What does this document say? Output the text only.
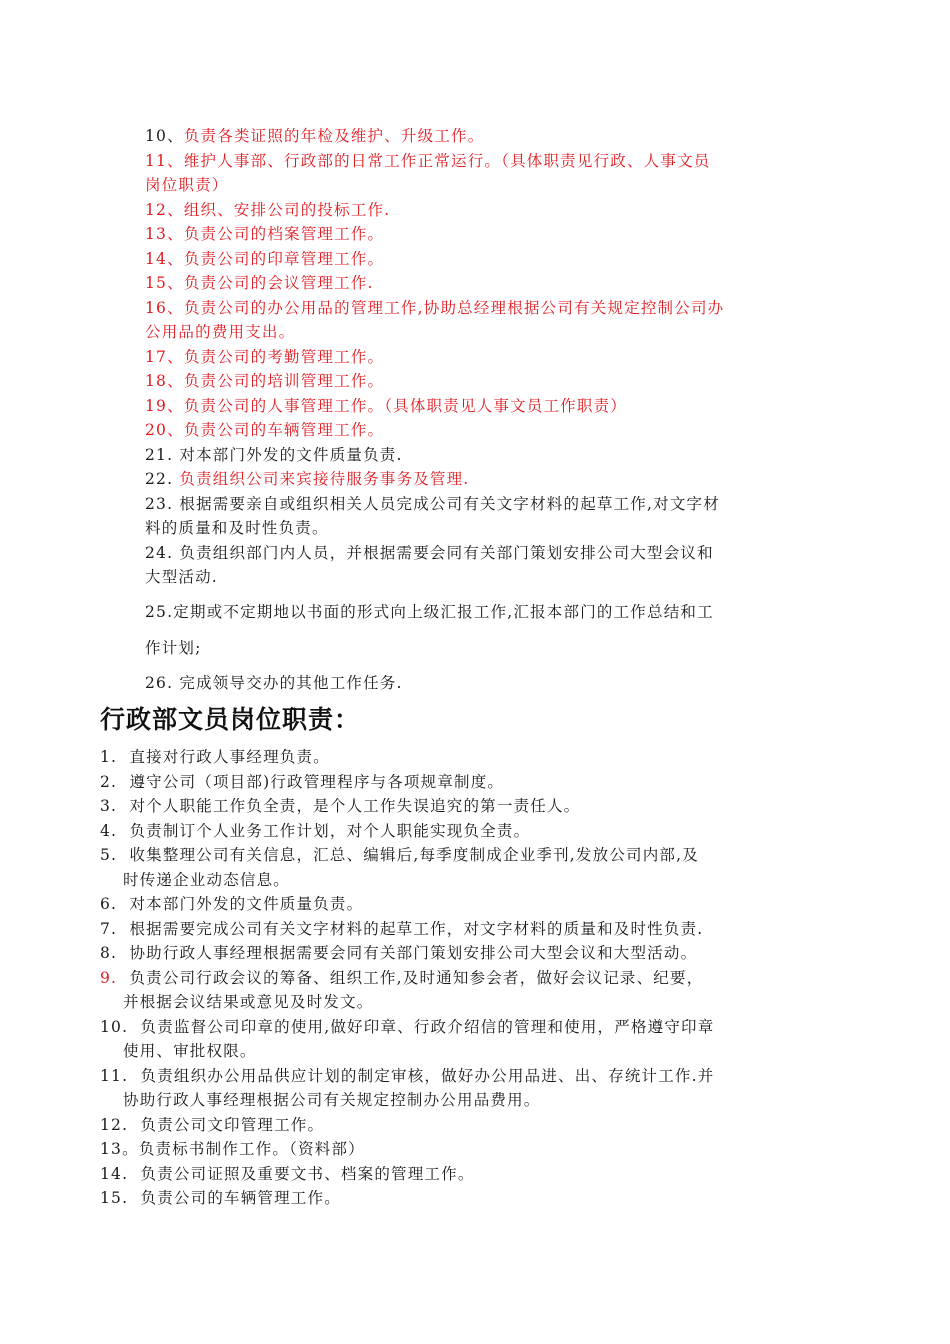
10、负责各类证照的年检及维护、升级工作。
11、维护人事部、行政部的日常工作正常运行。（具体职责见行政、人事文员
岗位职责）
12、组织、安排公司的投标工作.
13、负责公司的档案管理工作。
14、负责公司的印章管理工作。
15、负责公司的会议管理工作.
16、负责公司的办公用品的管理工作,协助总经理根据公司有关规定控制公司办
公用品的费用支出。
17、负责公司的考勤管理工作。
18、负责公司的培训管理工作。
19、负责公司的人事管理工作。（具体职责见人事文员工作职责）
20、负责公司的车辆管理工作。
21. 对本部门外发的文件质量负责.
22. 负责组织公司来宾接待服务事务及管理.
23. 根据需要亲自或组织相关人员完成公司有关文字材料的起草工作,对文字材
料的质量和及时性负责。
24. 负责组织部门内人员，并根据需要会同有关部门策划安排公司大型会议和
大型活动.
25.定期或不定期地以书面的形式向上级汇报工作,汇报本部门的工作总结和工
作计划;
26. 完成领导交办的其他工作任务.
行政部文员岗位职责：
1. 直接对行政人事经理负责。
2. 遵守公司（项目部)行政管理程序与各项规章制度。
3. 对个人职能工作负全责，是个人工作失误追究的第一责任人。
4. 负责制订个人业务工作计划，对个人职能实现负全责。
5. 收集整理公司有关信息，汇总、编辑后,每季度制成企业季刊,发放公司内部,及
时传递企业动态信息。
6. 对本部门外发的文件质量负责。
7. 根据需要完成公司有关文字材料的起草工作，对文字材料的质量和及时性负责.
8. 协助行政人事经理根据需要会同有关部门策划安排公司大型会议和大型活动。
9. 负责公司行政会议的筹备、组织工作,及时通知参会者，做好会议记录、纪要，
并根据会议结果或意见及时发文。
10. 负责监督公司印章的使用,做好印章、行政介绍信的管理和使用，严格遵守印章
使用、审批权限。
11. 负责组织办公用品供应计划的制定审核，做好办公用品进、出、存统计工作.并
协助行政人事经理根据公司有关规定控制办公用品费用。
12. 负责公司文印管理工作。
13。负责标书制作工作。（资料部）
14. 负责公司证照及重要文书、档案的管理工作。
15. 负责公司的车辆管理工作。
